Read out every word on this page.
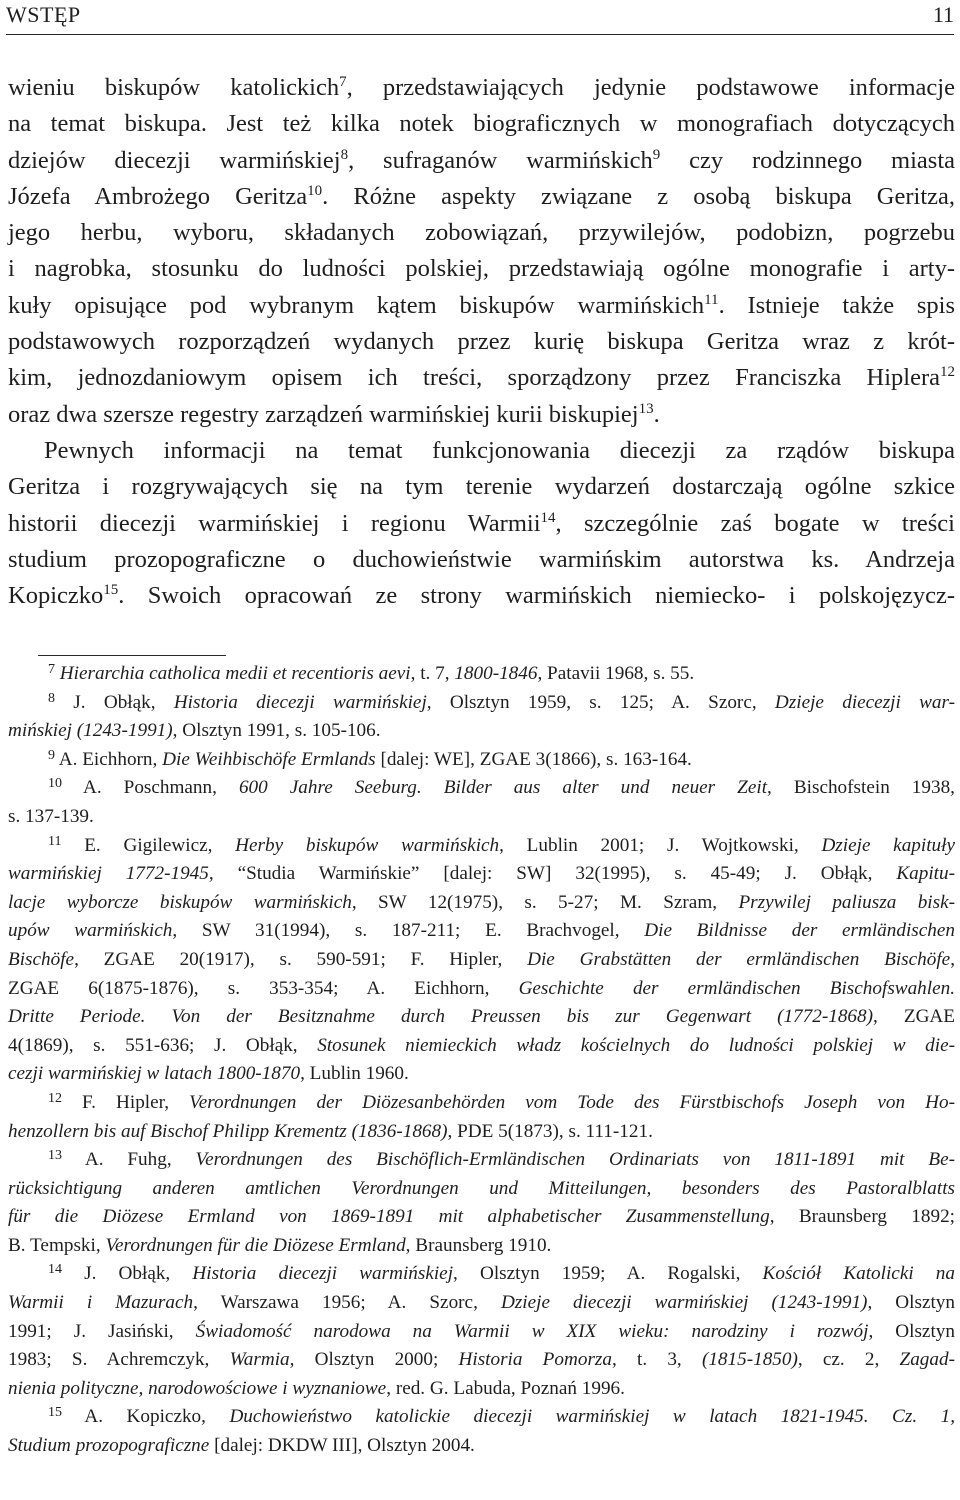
WSTĘP	11
wieniu biskupów katolickich$^7$, przedstawiających jedynie podstawowe informacje
na temat biskupa. Jest też kilka notek biograficznych w monografiach dotyczących
dziejów diecezji warmińskiej$^8$, sufraganów warmińskich$^9$ czy rodzinnego miasta
Józefa Ambrożego Geritza$^{10}$. Różne aspekty związane z osobą biskupa Geritza,
jego herbu, wyboru, składanych zobowiązań, przywilejów, podobizn, pogrzebu
i nagrobka, stosunku do ludności polskiej, przedstawiają ogólne monografie i arty-
kuły opisujące pod wybranym kątem biskupów warmińskich$^{11}$. Istnieje także spis
podstawowych rozporządzeń wydanych przez kurię biskupa Geritza wraz z krót-
kim, jednozdaniowym opisem ich treści, sporządzony przez Franciszka Hiplera$^{12}$
oraz dwa szersze regestry zarządzeń warmińskiej kurii biskupiej$^{13}$.
Pewnych informacji na temat funkcjonowania diecezji za rządów biskupa
Geritza i rozgrywających się na tym terenie wydarzeń dostarczają ogólne szkice
historii diecezji warmińskiej i regionu Warmii$^{14}$, szczególnie zaś bogate w treści
studium prozopograficzne o duchowieństwie warmińskim autorstwa ks. Andrzeja
Kopiczko$^{15}$. Swoich opracowań ze strony warmińskich niemiecko- i polskojęzycz-
$^7$ Hierarchia catholica medii et recentioris aevi, t. 7, 1800-1846, Patavii 1968, s. 55.
$^8$ J. Obłąk, Historia diecezji warmińskiej, Olsztyn 1959, s. 125; A. Szorc, Dzieje diecezji war-
mińskiej (1243-1991), Olsztyn 1991, s. 105-106.
$^9$ A. Eichhorn, Die Weihbischöfe Ermlands [dalej: WE], ZGAE 3(1866), s. 163-164.
$^{10}$ A. Poschmann, 600 Jahre Seeburg. Bilder aus alter und neuer Zeit, Bischofstein 1938,
s. 137-139.
$^{11}$ E. Gigilewicz, Herby biskupów warmińskich, Lublin 2001; J. Wojtkowski, Dzieje kapituły
warmińskiej 1772-1945, “Studia Warmińskie” [dalej: SW] 32(1995), s. 45-49; J. Obłąk, Kapitu-
lacje wyborcze biskupów warmińskich, SW 12(1975), s. 5-27; M. Szram, Przywilej paliusza bisk-
upów warmińskich, SW 31(1994), s. 187-211; E. Brachvogel, Die Bildnisse der ermländischen
Bischöfe, ZGAE 20(1917), s. 590-591; F. Hipler, Die Grabstätten der ermländischen Bischöfe,
ZGAE 6(1875-1876), s. 353-354; A. Eichhorn, Geschichte der ermländischen Bischofswahlen.
Dritte Periode. Von der Besitznahme durch Preussen bis zur Gegenwart (1772-1868), ZGAE
4(1869), s. 551-636; J. Obłąk, Stosunek niemieckich władz kościelnych do ludności polskiej w die-
cezji warmińskiej w latach 1800-1870, Lublin 1960.
$^{12}$ F. Hipler, Verordnungen der Diözesanbehörden vom Tode des Fürstbischofs Joseph von Ho-
henzollern bis auf Bischof Philipp Krementz (1836-1868), PDE 5(1873), s. 111-121.
$^{13}$ A. Fuhg, Verordnungen des Bischöflich-Ermländischen Ordinariats von 1811-1891 mit Be-
rücksichtigung anderen amtlichen Verordnungen und Mitteilungen, besonders des Pastoralblatts
für die Diözese Ermland von 1869-1891 mit alphabetischer Zusammenstellung, Braunsberg 1892;
B. Tempski, Verordnungen für die Diözese Ermland, Braunsberg 1910.
$^{14}$ J. Obłąk, Historia diecezji warmińskiej, Olsztyn 1959; A. Rogalski, Kościół Katolicki na
Warmii i Mazurach, Warszawa 1956; A. Szorc, Dzieje diecezji warmińskiej (1243-1991), Olsztyn
1991; J. Jasiński, Świadomość narodowa na Warmii w XIX wieku: narodziny i rozwój, Olsztyn
1983; S. Achremczyk, Warmia, Olsztyn 2000; Historia Pomorza, t. 3, (1815-1850), cz. 2, Zagad-
nienia polityczne, narodowościowe i wyznaniowe, red. G. Labuda, Poznań 1996.
$^{15}$ A. Kopiczko, Duchowieństwo katolickie diecezji warmińskiej w latach 1821-1945. Cz. 1,
Studium prozopograficzne [dalej: DKDW III], Olsztyn 2004.
